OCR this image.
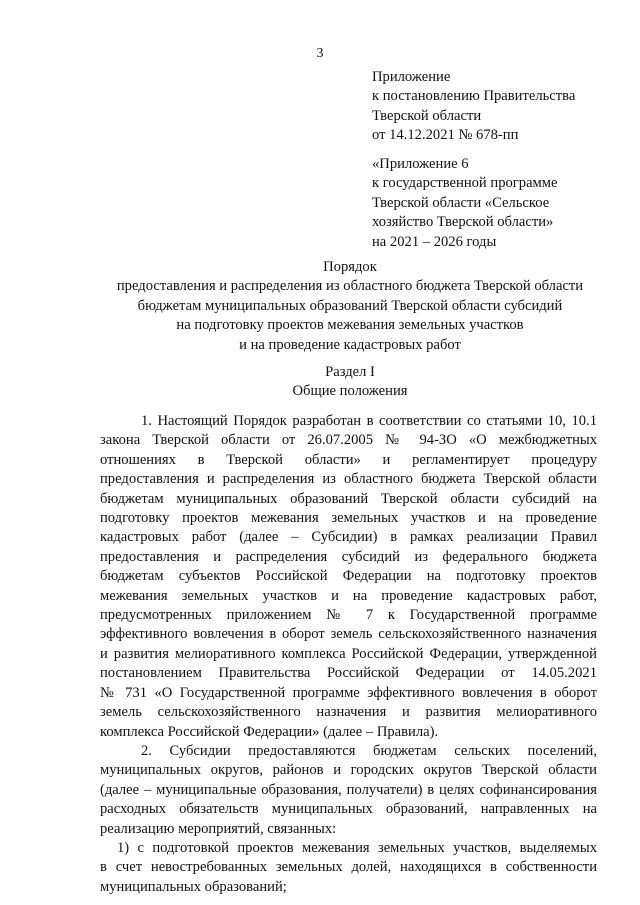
3
Приложение
к постановлению Правительства
Тверской области
от 14.12.2021 № 678-пп
«Приложение 6
к государственной программе
Тверской области «Сельское
хозяйство Тверской области»
на 2021 – 2026 годы
Порядок
предоставления и распределения из областного бюджета Тверской области
бюджетам муниципальных образований Тверской области субсидий
на подготовку проектов межевания земельных участков
и на проведение кадастровых работ
Раздел I
Общие положения
1. Настоящий Порядок разработан в соответствии со статьями 10, 10.1
закона Тверской области от 26.07.2005 № 94-ЗО «О межбюджетных
отношениях в Тверской области» и регламентирует процедуру
предоставления и распределения из областного бюджета Тверской области
бюджетам муниципальных образований Тверской области субсидий на
подготовку проектов межевания земельных участков и на проведение
кадастровых работ (далее – Субсидии) в рамках реализации Правил
предоставления и распределения субсидий из федерального бюджета
бюджетам субъектов Российской Федерации на подготовку проектов
межевания земельных участков и на проведение кадастровых работ,
предусмотренных приложением № 7 к Государственной программе
эффективного вовлечения в оборот земель сельскохозяйственного назначения
и развития мелиоративного комплекса Российской Федерации, утвержденной
постановлением Правительства Российской Федерации от 14.05.2021
№ 731 «О Государственной программе эффективного вовлечения в оборот
земель сельскохозяйственного назначения и развития мелиоративного
комплекса Российской Федерации» (далее – Правила).
2. Субсидии предоставляются бюджетам сельских поселений,
муниципальных округов, районов и городских округов Тверской области
(далее – муниципальные образования, получатели) в целях софинансирования
расходных обязательств муниципальных образований, направленных на
реализацию мероприятий, связанных:
1) с подготовкой проектов межевания земельных участков, выделяемых
в счет невостребованных земельных долей, находящихся в собственности
муниципальных образований;
